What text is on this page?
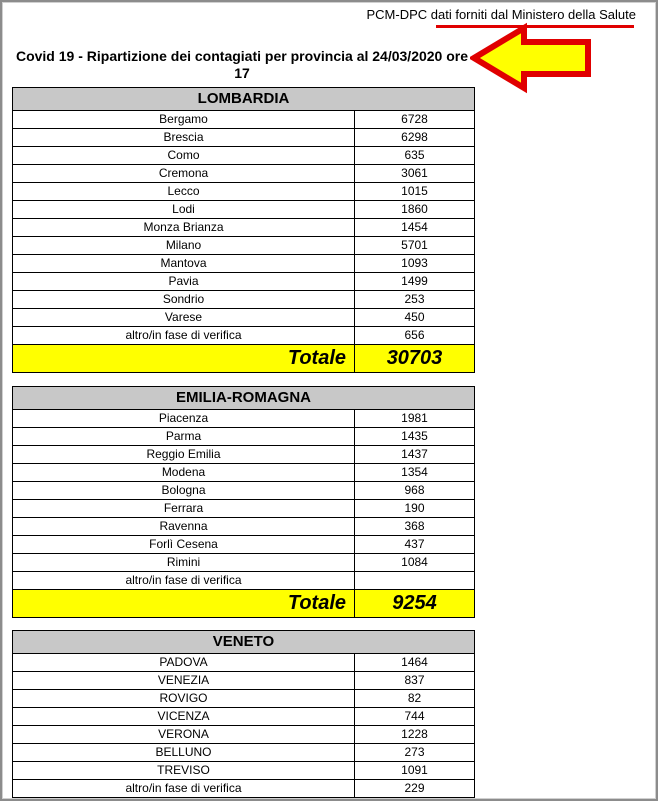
PCM-DPC dati forniti dal Ministero della Salute
Covid 19 - Ripartizione dei contagiati per provincia al 24/03/2020 ore 17
LOMBARDIA	
Bergamo	6728
Brescia	6298
Como	635
Cremona	3061
Lecco	1015
Lodi	1860
Monza Brianza	1454
Milano	5701
Mantova	1093
Pavia	1499
Sondrio	253
Varese	450
altro/in fase di verifica	656
Totale	30703
EMILIA-ROMAGNA	
Piacenza	1981
Parma	1435
Reggio Emilia	1437
Modena	1354
Bologna	968
Ferrara	190
Ravenna	368
Forlì Cesena	437
Rimini	1084
altro/in fase di verifica	
Totale	9254
VENETO	
PADOVA	1464
VENEZIA	837
ROVIGO	82
VICENZA	744
VERONA	1228
BELLUNO	273
TREVISO	1091
altro/in fase di verifica	229
